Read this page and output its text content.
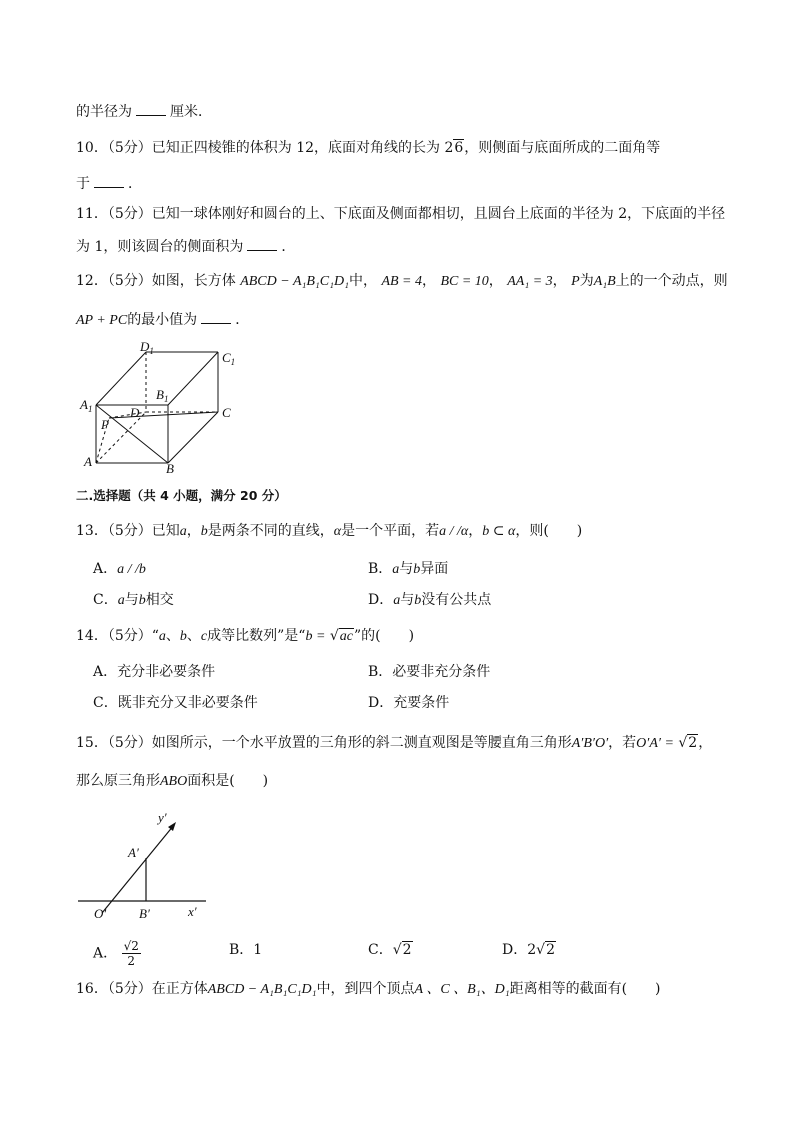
的半径为	厘米．
10．（5分）已知正四棱锥的体积为 12，底面对角线的长为 26，则侧面与底面所成的二面角等
于	．
11．（5分）已知一球体刚好和圆台的上、下底面及侧面都相切，且圆台上底面的半径为 2，下底面的半径
为 1，则该圆台的侧面积为	．
12．（5分）如图，长方体 ABCD − A₁B₁C₁D₁中， AB = 4， BC = 10， AA₁ = 3， P为A₁B上的一个动点，则
AP + PC的最小值为	．
$D_1$	$C_1$
$A_1$
$B_1$
D	C
P
A	B
二.选择题（共 4 小题，满分 20 分）
13．（5分）已知a，b是两条不同的直线，α是一个平面，若a / /α，b ⊂ α，则(　　)
A．a / /b	B．a与b异面
C．a与b相交	D．a与b没有公共点
14．（5分）“a、b、c成等比数列”是“b = √ac”的(　　)
A．充分非必要条件	B．必要非充分条件
C．既非充分又非必要条件	D．充要条件
15．（5分）如图所示，一个水平放置的三角形的斜二测直观图是等腰直角三角形A′B′O′，若O′A′ = √2，
那么原三角形ABO面积是(　　)
y′
A′
O′	B′	x′
A． $\frac{√2}{2}$	B．1	C．√2	D．2√2
16．（5分）在正方体ABCD − A₁B₁C₁D₁中，到四个顶点A 、C 、B₁、D₁距离相等的截面有(　　)
